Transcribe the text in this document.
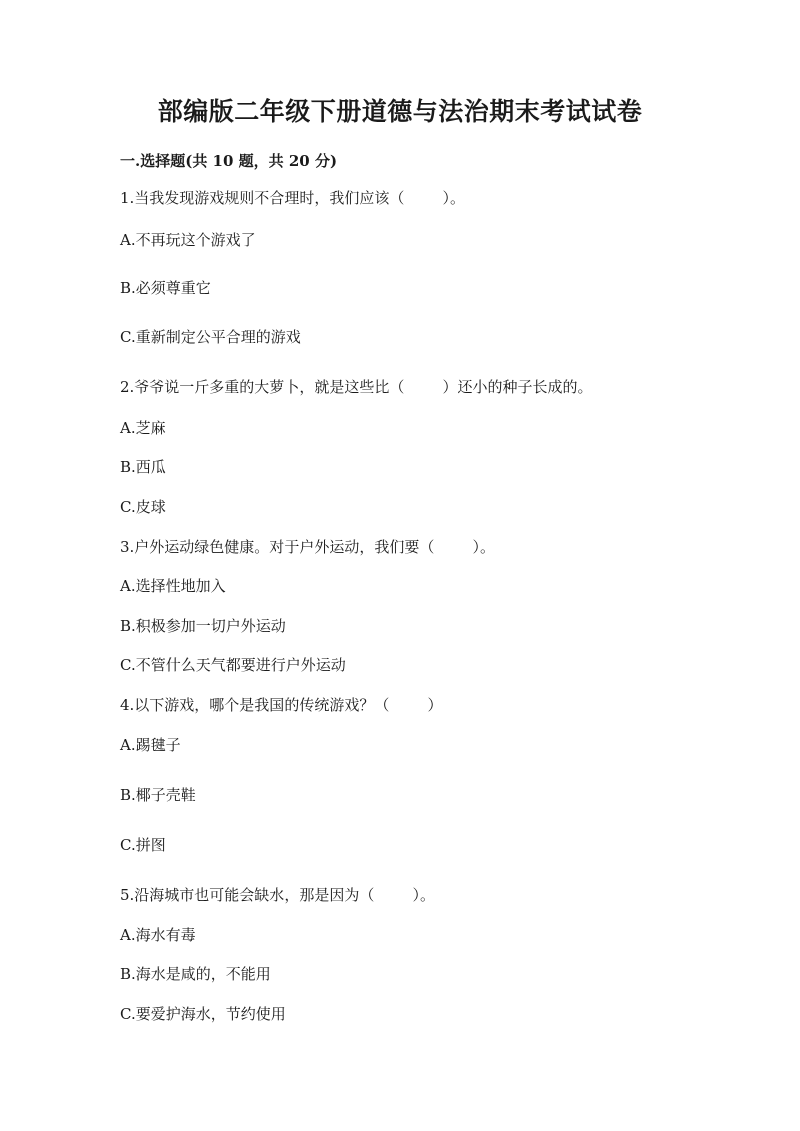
部编版二年级下册道德与法治期末考试试卷
一.选择题(共 10 题，共 20 分)
1.当我发现游戏规则不合理时，我们应该（        ）。
A.不再玩这个游戏了
B.必须尊重它
C.重新制定公平合理的游戏
2.爷爷说一斤多重的大萝卜，就是这些比（        ）还小的种子长成的。
A.芝麻
B.西瓜
C.皮球
3.户外运动绿色健康。对于户外运动，我们要（        ）。
A.选择性地加入
B.积极参加一切户外运动
C.不管什么天气都要进行户外运动
4.以下游戏，哪个是我国的传统游戏？（        ）
A.踢毽子
B.椰子壳鞋
C.拼图
5.沿海城市也可能会缺水，那是因为（        ）。
A.海水有毒
B.海水是咸的，不能用
C.要爱护海水，节约使用
